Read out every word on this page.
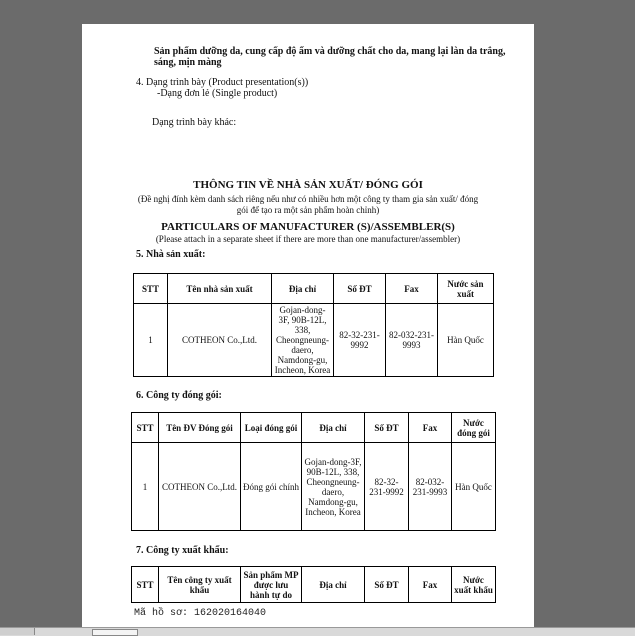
Sản phẩm dưỡng da, cung cấp độ ẩm và dưỡng chất cho da, mang lại làn da trắng,
sáng, mịn màng
4. Dạng trình bày (Product presentation(s))
-Dạng đơn lẻ (Single product)
Dạng trình bày khác:
THÔNG TIN VỀ NHÀ SẢN XUẤT/ ĐÓNG GÓI
(Đề nghị đính kèm danh sách riêng nếu như có nhiều hơn một công ty tham gia sản xuất/ đóng
gói để tạo ra một sản phẩm hoàn chỉnh)
PARTICULARS OF MANUFACTURER (S)/ASSEMBLER(S)
(Please attach in a separate sheet if there are more than one manufacturer/assembler)
5. Nhà sản xuất:
STT	Tên nhà sản xuất	Địa chỉ	Số ĐT	Fax	Nước sản xuất
1	COTHEON Co.,Ltd.	Gojan-dong-3F, 90B-12L, 338, Cheongneung-daero, Namdong-gu, Incheon, Korea	82-32-231-9992	82-032-231-9993	Hàn Quốc
6. Công ty đóng gói:
STT	Tên ĐV Đóng gói	Loại đóng gói	Địa chỉ	Số ĐT	Fax	Nước đóng gói
1	COTHEON Co.,Ltd.	Đóng gói chính	Gojan-dong-3F, 90B-12L, 338, Cheongneung-daero, Namdong-gu, Incheon, Korea	82-32-231-9992	82-032-231-9993	Hàn Quốc
7. Công ty xuất khẩu:
STT	Tên công ty xuất khẩu	Sản phẩm MP được lưu hành tự do	Địa chỉ	Số ĐT	Fax	Nước xuất khẩu
Mã hồ sơ: 162020164040
